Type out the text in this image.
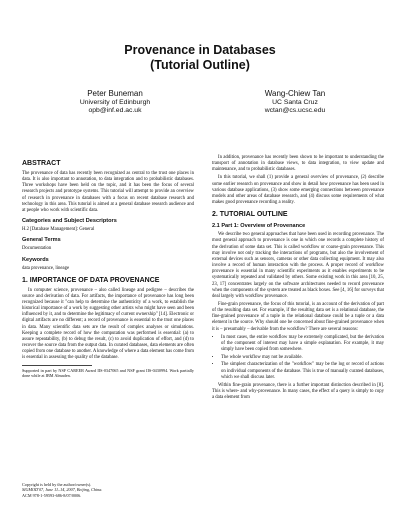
Provenance in Databases
(Tutorial Outline)
Peter Buneman
University of Edinburgh
opb@inf.ed.ac.uk
Wang-Chiew Tan
UC Santa Cruz
wctan@cs.ucsc.edu
ABSTRACT

The provenance of data has recently been recognized as central to the trust one places in data. It is also important to annotation, to data integration and to probabilistic databases. Three workshops have been held on the topic, and it has been the focus of several research projects and prototype systems. This tutorial will attempt to provide an overview of research in provenance in databases with a focus on recent database research and technology in this area. This tutorial is aimed at a general database research audience and at people who work with scientific data.

Categories and Subject Descriptors
H.2 [Database Management]: General
General Terms
Documentation
Keywords
data provenance, lineage
1. IMPORTANCE OF DATA PROVENANCE

In computer science, provenance – also called lineage and pedigree – describes the source and derivation of data. For artifacts, the importance of provenance has long been recognized because it "can help to determine the authenticity of a work, to establish the historical importance of a work by suggesting other artists who might have seen and been influenced by it, and to determine the legitimacy of current ownership" [14]. Electronic or digital artifacts are no different; a record of provenance is essential to the trust one places in data. Many scientific data sets are the result of complex analyses or simulations. Keeping a complete record of how the computation was performed is essential: (a) to assure repeatability, (b) to debug the result, (c) to avoid duplication of effort, and (d) to recover the source data from the output data. In curated databases, data elements are often copied from one database to another. A knowledge of where a data element has come from is essential in assessing the quality of the database.

Supported in part by NSF CAREER Award IIS-0347065 and NSF grant IIS-0430994. Work partially done while at IBM Almaden.
Copyright is held by the author/owner(s).
SIGMOD'07, June 11–14, 2007, Beijing, China.
ACM 978-1-59593-686-8/07/0006.

In addition, provenance has recently been shown to be important to understanding the transport of annotation in database views, to data integration, to view update and maintenance, and to probabilistic databases.

In this tutorial, we shall (1) provide a general overview of provenance, (2) describe some earlier research on provenance and show in detail how provenance has been used in various database applications, (3) show some emerging connections between provenance models and other areas of database research, and (4) discuss some requirements of what makes good provenance recording a reality.

2. TUTORIAL OUTLINE
2.1 Part 1: Overview of Provenance

We describe two general approaches that have been used in recording provenance. The most general approach to provenance is one in which one records a complete history of the derivation of some data set. This is called workflow or coarse-grain provenance. This may involve not only tracking the interactions of programs, but also the involvement of external devices such as sensors, cameras or other data collecting equipment. It may also involve a record of human interaction with the process. A proper record of workflow provenance is essential in many scientific experiments as it enables experiments to be systematically repeated and validated by others. Some existing work in this area [10, 25, 23, 17] concentrates largely on the software architectures needed to record provenance when the components of the system are treated as black boxes. See [4, 16] for surveys that deal largely with workflow provenance.

Fine-grain provenance, the focus of this tutorial, is an account of the derivation of part of the resulting data set. For example, if the resulting data set is a relational database, the fine-grained provenance of a tuple in the relational database could be a tuple or a data element in the source. Why should one be concerned about fine-grained provenance when it is – presumably – derivable from the workflow? There are several reasons:

• In most cases, the entire workflow may be extremely complicated, but the derivation of the component of interest may have a simple explanation. For example, it may simply have been copied from somewhere.
• The whole workflow may not be available.
• The simplest characterization of the "workflow" may be the log or record of actions on individual components of the database. This is true of manually curated databases, which we shall discuss later.

Within fine-grain provenance, there is a further important distinction described in [8]. This is where- and why-provenance. In many cases, the effect of a query is simply to copy a data element from
